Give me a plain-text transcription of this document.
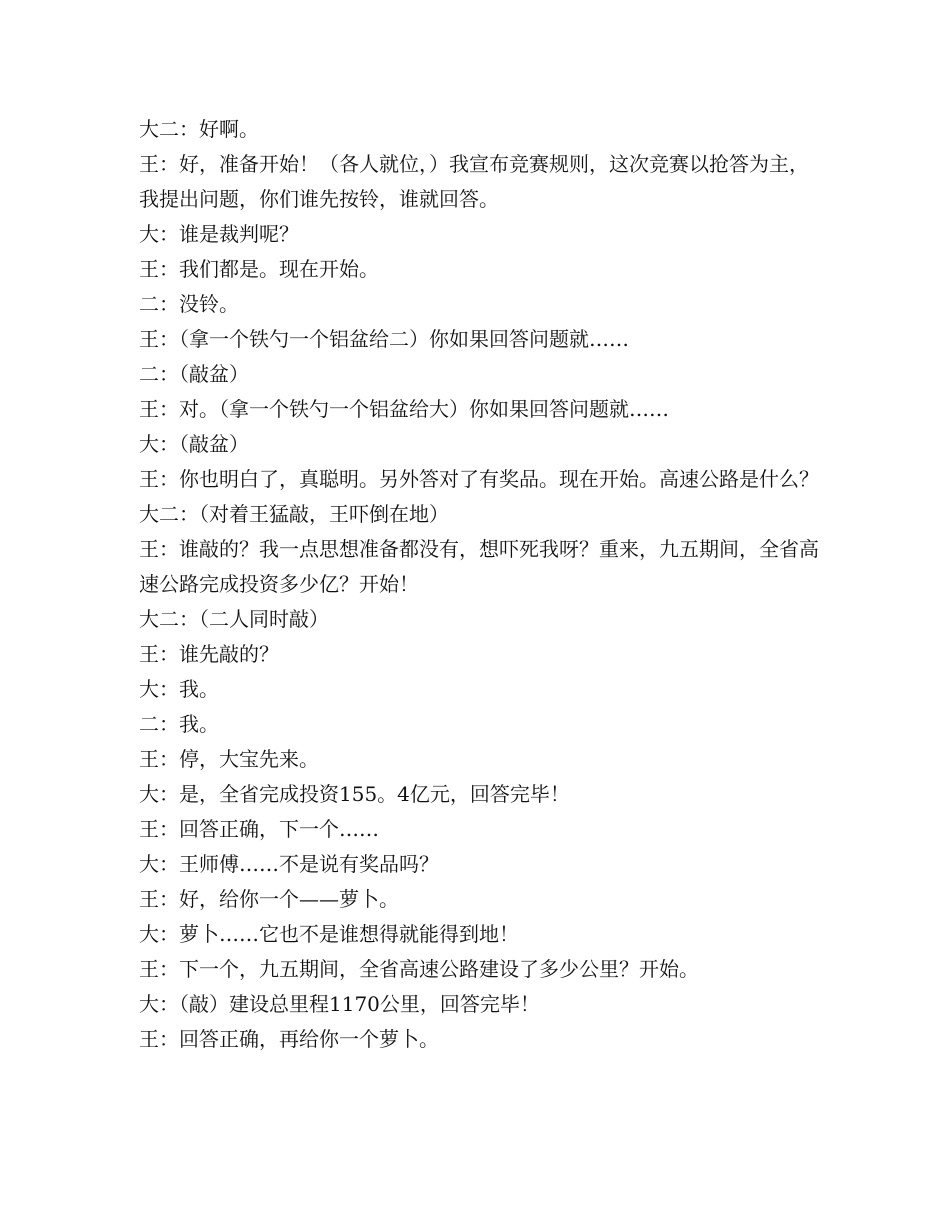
大二：好啊。

王：好，准备开始！（各人就位，）我宣布竞赛规则，这次竞赛以抢答为主，我提出问题，你们谁先按铃，谁就回答。

大：谁是裁判呢？

王：我们都是。现在开始。

二：没铃。

王：（拿一个铁勺一个铝盆给二）你如果回答问题就……

二：（敲盆）

王：对。（拿一个铁勺一个铝盆给大）你如果回答问题就……

大：（敲盆）

王：你也明白了，真聪明。另外答对了有奖品。现在开始。高速公路是什么？

大二：（对着王猛敲，王吓倒在地）

王：谁敲的？我一点思想准备都没有，想吓死我呀？重来，九五期间，全省高速公路完成投资多少亿？开始！

大二：（二人同时敲）

王：谁先敲的？

大：我。

二：我。

王：停，大宝先来。

大：是，全省完成投资155。4亿元，回答完毕！

王：回答正确，下一个……

大：王师傅……不是说有奖品吗？

王：好，给你一个——萝卜。

大：萝卜……它也不是谁想得就能得到地！

王：下一个，九五期间，全省高速公路建设了多少公里？开始。

大：（敲）建设总里程1170公里，回答完毕！

王：回答正确，再给你一个萝卜。
